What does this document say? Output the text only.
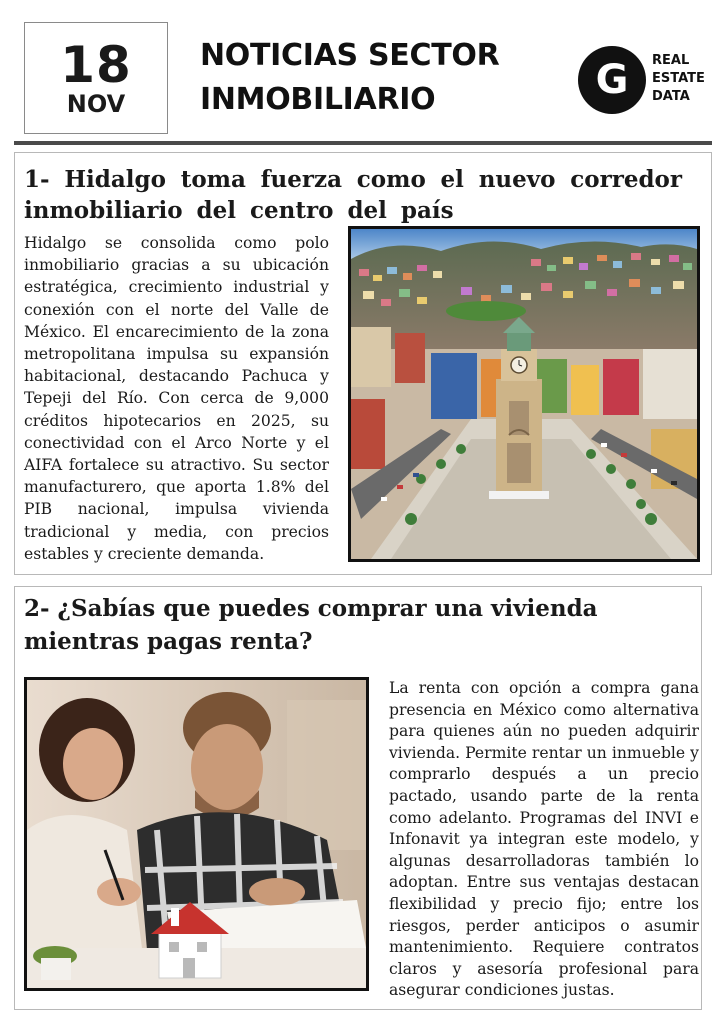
18
NOV
NOTICIAS SECTOR
INMOBILIARIO	G	REAL
ESTATE
DATA
1- Hidalgo toma fuerza como el nuevo corredor inmobiliario del centro del país
Hidalgo se consolida como polo inmobiliario gracias a su ubicación estratégica, crecimiento industrial y conexión con el norte del Valle de México. El encarecimiento de la zona metropolitana impulsa su expansión habitacional, destacando Pachuca y Tepeji del Río. Con cerca de 9,000 créditos hipotecarios en 2025, su conectividad con el Arco Norte y el AIFA fortalece su atractivo. Su sector manufacturero, que aporta 1.8% del PIB nacional, impulsa vivienda tradicional y media, con precios estables y creciente demanda.
2- ¿Sabías que puedes comprar una vivienda mientras pagas renta?
La renta con opción a compra gana presencia en México como alternativa para quienes aún no pueden adquirir vivienda. Permite rentar un inmueble y comprarlo después a un precio pactado, usando parte de la renta como adelanto. Programas del INVI e Infonavit ya integran este modelo, y algunas desarrolladoras también lo adoptan. Entre sus ventajas destacan flexibilidad y precio fijo; entre los riesgos, perder anticipos o asumir mantenimiento. Requiere contratos claros y asesoría profesional para asegurar condiciones justas.
